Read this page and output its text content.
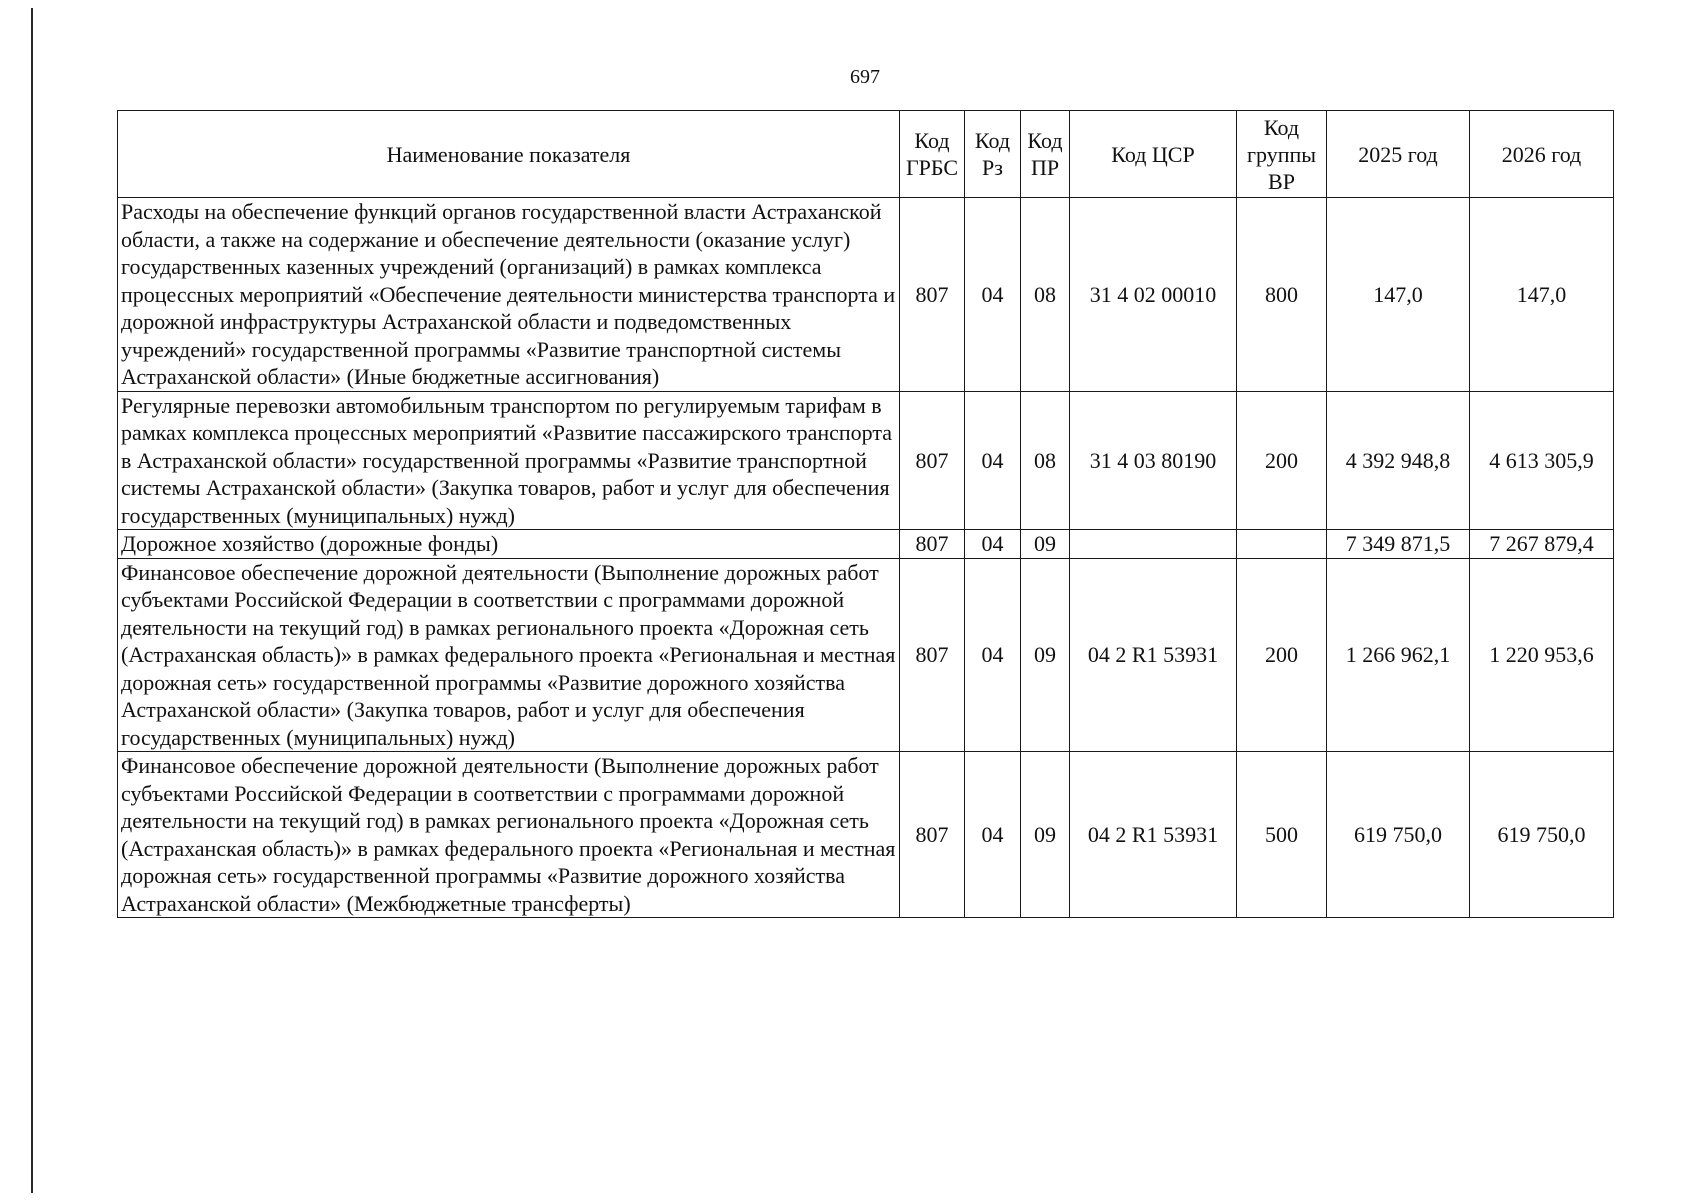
697
Наименование показателя	Код ГРБС	Код Рз	Код ПР	Код ЦСР	Код группы ВР	2025 год	2026 год
Расходы на обеспечение функций органов государственной власти Астраханской области, а также на содержание и обеспечение деятельности (оказание услуг) государственных казенных учреждений (организаций) в рамках комплекса процессных мероприятий «Обеспечение деятельности министерства транспорта и дорожной инфраструктуры Астраханской области и подведомственных учреждений» государственной программы «Развитие транспортной системы Астраханской области» (Иные бюджетные ассигнования)	807	04	08	31 4 02 00010	800	147,0	147,0
Регулярные перевозки автомобильным транспортом по регулируемым тарифам в рамках комплекса процессных мероприятий «Развитие пассажирского транспорта в Астраханской области» государственной программы «Развитие транспортной системы Астраханской области» (Закупка товаров, работ и услуг для обеспечения государственных (муниципальных) нужд)	807	04	08	31 4 03 80190	200	4 392 948,8	4 613 305,9
Дорожное хозяйство (дорожные фонды)	807	04	09			7 349 871,5	7 267 879,4
Финансовое обеспечение дорожной деятельности (Выполнение дорожных работ субъектами Российской Федерации в соответствии с программами дорожной деятельности на текущий год) в рамках регионального проекта «Дорожная сеть (Астраханская область)» в рамках федерального проекта «Региональная и местная дорожная сеть» государственной программы «Развитие дорожного хозяйства Астраханской области» (Закупка товаров, работ и услуг для обеспечения государственных (муниципальных) нужд)	807	04	09	04 2 R1 53931	200	1 266 962,1	1 220 953,6
Финансовое обеспечение дорожной деятельности (Выполнение дорожных работ субъектами Российской Федерации в соответствии с программами дорожной деятельности на текущий год) в рамках регионального проекта «Дорожная сеть (Астраханская область)» в рамках федерального проекта «Региональная и местная дорожная сеть» государственной программы «Развитие дорожного хозяйства Астраханской области» (Межбюджетные трансферты)	807	04	09	04 2 R1 53931	500	619 750,0	619 750,0
